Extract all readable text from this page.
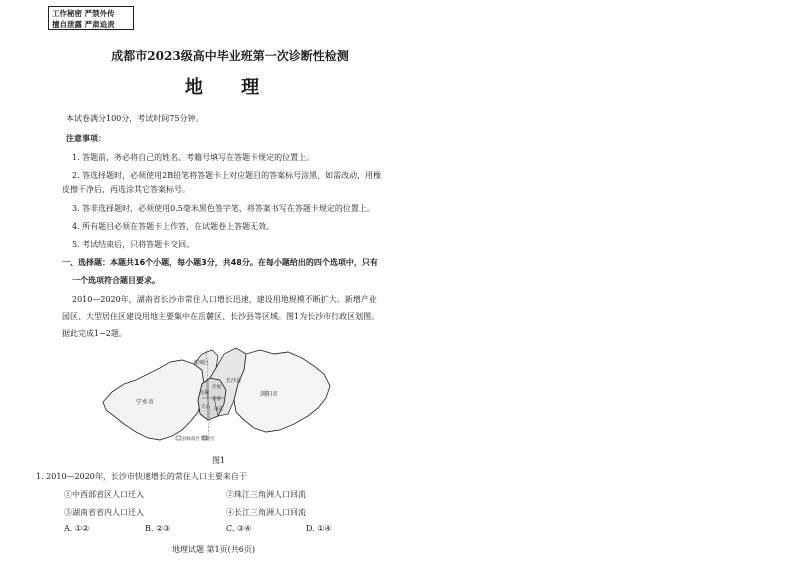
工作秘密 严禁外传
擅自泄露 严肃追责
成都市2023级高中毕业班第一次诊断性检测
地 理
本试卷满分100分，考试时间75分钟。
注意事项：
1. 答题前，务必将自己的姓名、考籍号填写在答题卡规定的位置上。
2. 答选择题时，必须使用2B铅笔将答题卡上对应题目的答案标号涂黑，如需改动，用橡
皮擦干净后，再选涂其它答案标号。
3. 答非选择题时，必须使用0.5毫米黑色签字笔，将答案书写在答题卡规定的位置上。
4. 所有题目必须在答题卡上作答，在试题卷上答题无效。
5. 考试结束后，只将答题卡交回。
一、选择题：本题共16个小题，每小题3分，共48分。在每小题给出的四个选项中，只有
一个选项符合题目要求。
2010—2020年，湖南省长沙市常住人口增长迅速，建设用地规模不断扩大。新增产业
园区、大型居住区建设用地主要集中在岳麓区、长沙县等区域。图1为长沙市行政区划图。
据此完成1~2题。
宁乡市
浏阳市
望城区
长沙县
岳麓
开福
芙蓉
天心 雨花
县级政区 市辖区
图1
1. 2010—2020年，长沙市快速增长的常住人口主要来自于
①中西部省区人口迁入	②珠江三角洲人口回流
③湖南省省内人口迁入	④长江三角洲人口回流
A. ①②	B. ②③	C. ③④	D. ①④
地理试题 第1页(共6页)
